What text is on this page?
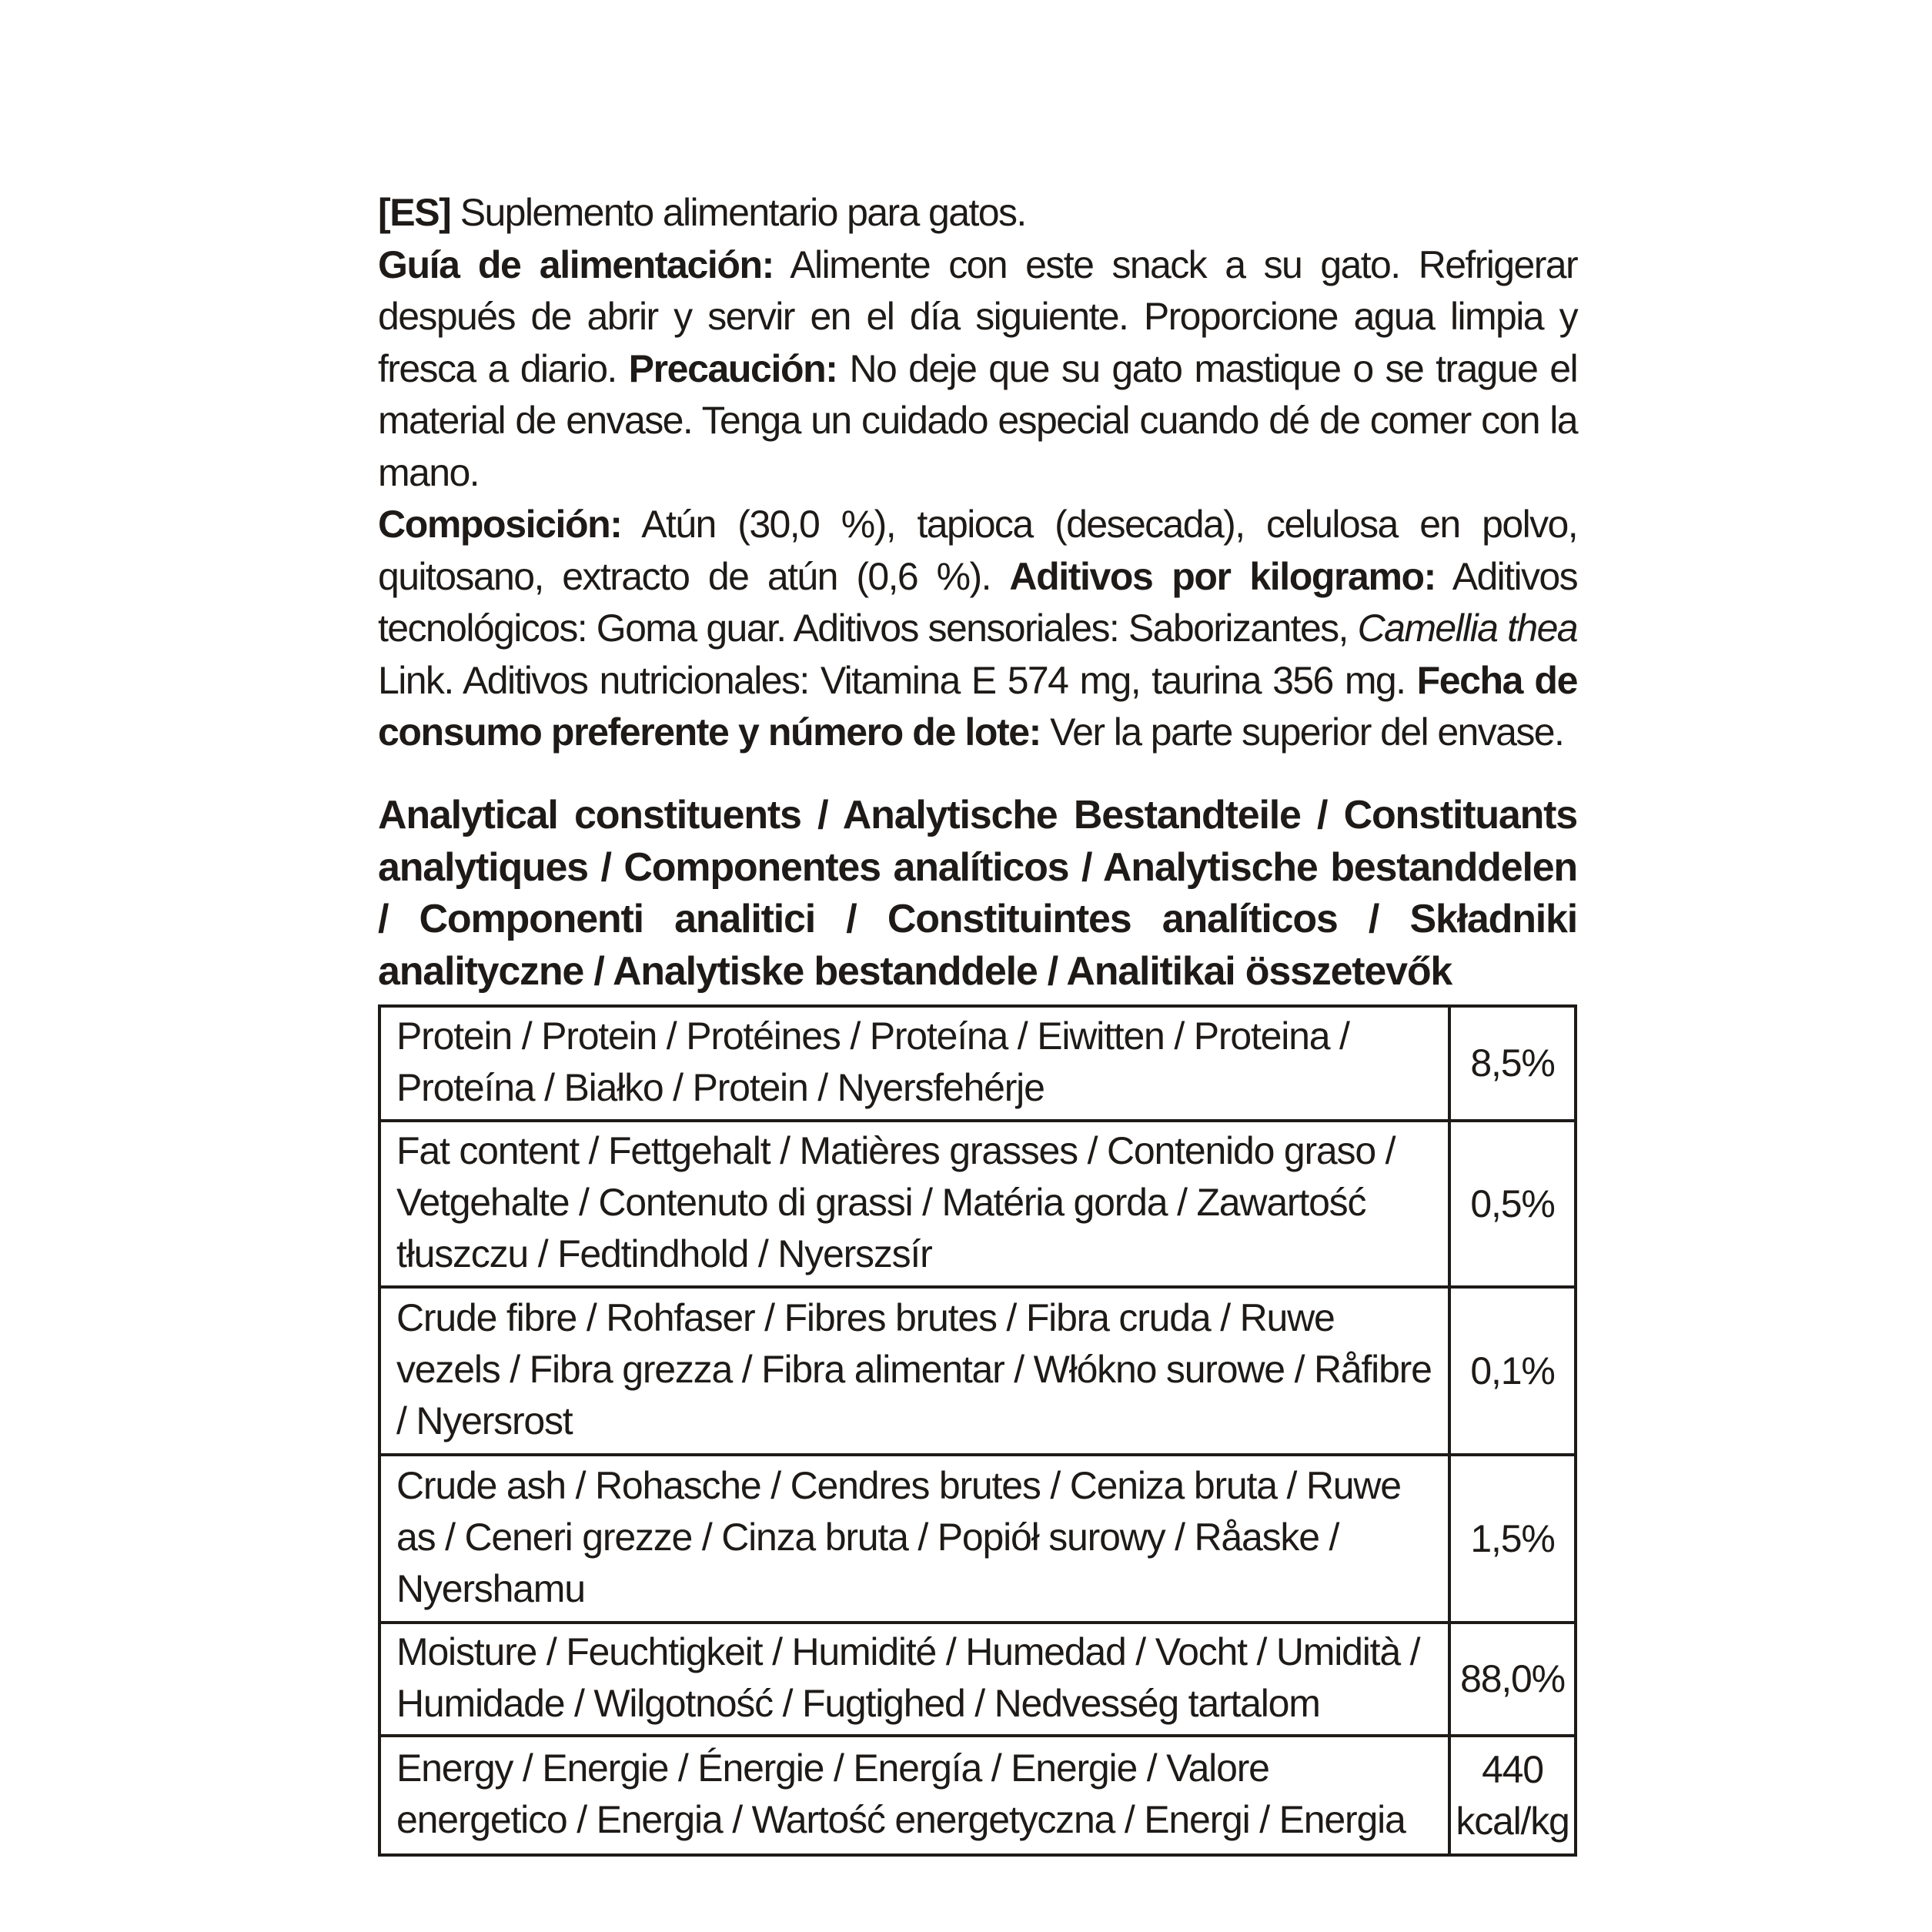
[ES] Suplemento alimentario para gatos.
Guía de alimentación: Alimente con este snack a su gato. Refrigerar después de abrir y servir en el día siguiente. Proporcione agua limpia y fresca a diario. Precaución: No deje que su gato mastique o se trague el material de envase. Tenga un cuidado especial cuando dé de comer con la mano.
Composición: Atún (30,0 %), tapioca (desecada), celulosa en polvo, quitosano, extracto de atún (0,6 %). Aditivos por kilogramo: Aditivos tecnológicos: Goma guar. Aditivos sensoriales: Saborizantes, Camellia thea Link. Aditivos nutricionales: Vitamina E 574 mg, taurina 356 mg. Fecha de consumo preferente y número de lote: Ver la parte superior del envase.

Analytical constituents / Analytische Bestandteile / Constituants analytiques / Componentes analíticos / Analytische bestanddelen / Componenti analitici / Constituintes analíticos / Składniki analityczne / Analytiske bestanddele / Analitikai összetevők

Protein / Protein / Protéines / Proteína / Eiwitten / Proteina / Proteína / Białko / Protein / Nyersfehérje	8,5%
Fat content / Fettgehalt / Matières grasses / Contenido graso / Vetgehalte / Contenuto di grassi / Matéria gorda / Zawartość tłuszczu / Fedtindhold / Nyerszsír	0,5%
Crude fibre / Rohfaser / Fibres brutes / Fibra cruda / Ruwe vezels / Fibra grezza / Fibra alimentar / Włókno surowe / Råfibre / Nyersrost	0,1%
Crude ash / Rohasche / Cendres brutes / Ceniza bruta / Ruwe as / Ceneri grezze / Cinza bruta / Popiół surowy / Råaske / Nyershamu	1,5%
Moisture / Feuchtigkeit / Humidité / Humedad / Vocht / Umidità / Humidade / Wilgotność / Fugtighed / Nedvesség tartalom	88,0%
Energy / Energie / Énergie / Energía / Energie / Valore energetico / Energia / Wartość energetyczna / Energi / Energia	440 kcal/kg
